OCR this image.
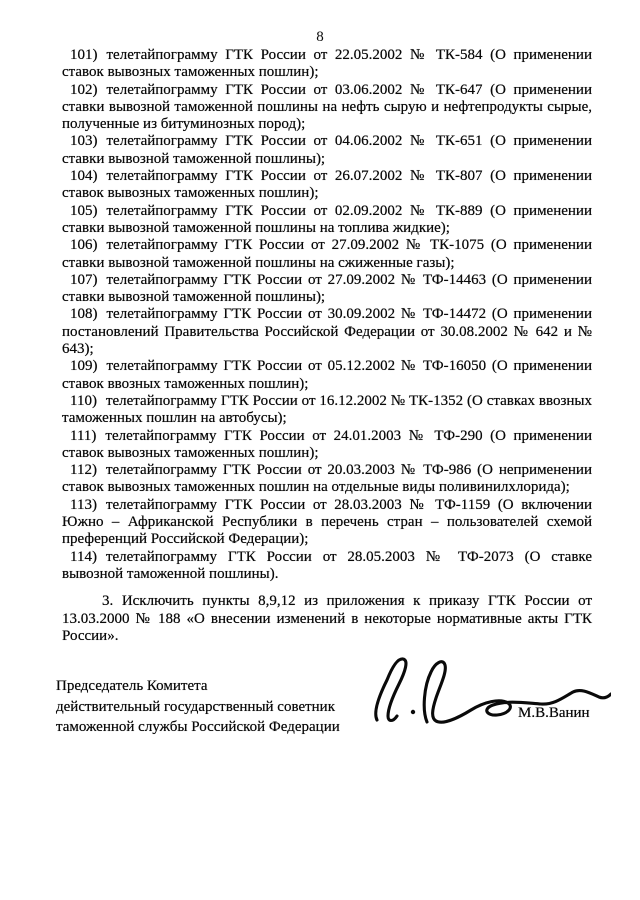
8

101) телетайпограмму ГТК России от 22.05.2002 № ТК-584 (О применении ставок вывозных таможенных пошлин);

102) телетайпограмму ГТК России от 03.06.2002 № ТК-647 (О применении ставки вывозной таможенной пошлины на нефть сырую и нефтепродукты сырые, полученные из битуминозных пород);

103) телетайпограмму ГТК России от 04.06.2002 № ТК-651 (О применении ставки вывозной таможенной пошлины);

104) телетайпограмму ГТК России от 26.07.2002 № ТК-807 (О применении ставок вывозных таможенных пошлин);

105) телетайпограмму ГТК России от 02.09.2002 № ТК-889 (О применении ставки вывозной таможенной пошлины на топлива жидкие);

106) телетайпограмму ГТК России от 27.09.2002 № ТК-1075 (О применении ставки вывозной таможенной пошлины на сжиженные газы);

107) телетайпограмму ГТК России от 27.09.2002 № ТФ-14463 (О применении ставки вывозной таможенной пошлины);

108) телетайпограмму ГТК России от 30.09.2002 № ТФ-14472 (О применении постановлений Правительства Российской Федерации от 30.08.2002 № 642 и № 643);

109) телетайпограмму ГТК России от 05.12.2002 № ТФ-16050 (О применении ставок ввозных таможенных пошлин);

110) телетайпограмму ГТК России от 16.12.2002 № ТК-1352 (О ставках ввозных таможенных пошлин на автобусы);

111) телетайпограмму ГТК России от 24.01.2003 № ТФ-290 (О применении ставок вывозных таможенных пошлин);

112) телетайпограмму ГТК России от 20.03.2003 № ТФ-986 (О неприменении ставок вывозных таможенных пошлин на отдельные виды поливинилхлорида);

113) телетайпограмму ГТК России от 28.03.2003 № ТФ-1159 (О включении Южно – Африканской Республики в перечень стран – пользователей схемой преференций Российской Федерации);

114) телетайпограмму ГТК России от 28.05.2003 № ТФ-2073 (О ставке вывозной таможенной пошлины).

3. Исключить пункты 8,9,12 из приложения к приказу ГТК России от 13.03.2000 № 188 «О внесении изменений в некоторые нормативные акты ГТК России».

Председатель Комитета
действительный государственный советник
таможенной службы Российской Федерации
М.В.Ванин
